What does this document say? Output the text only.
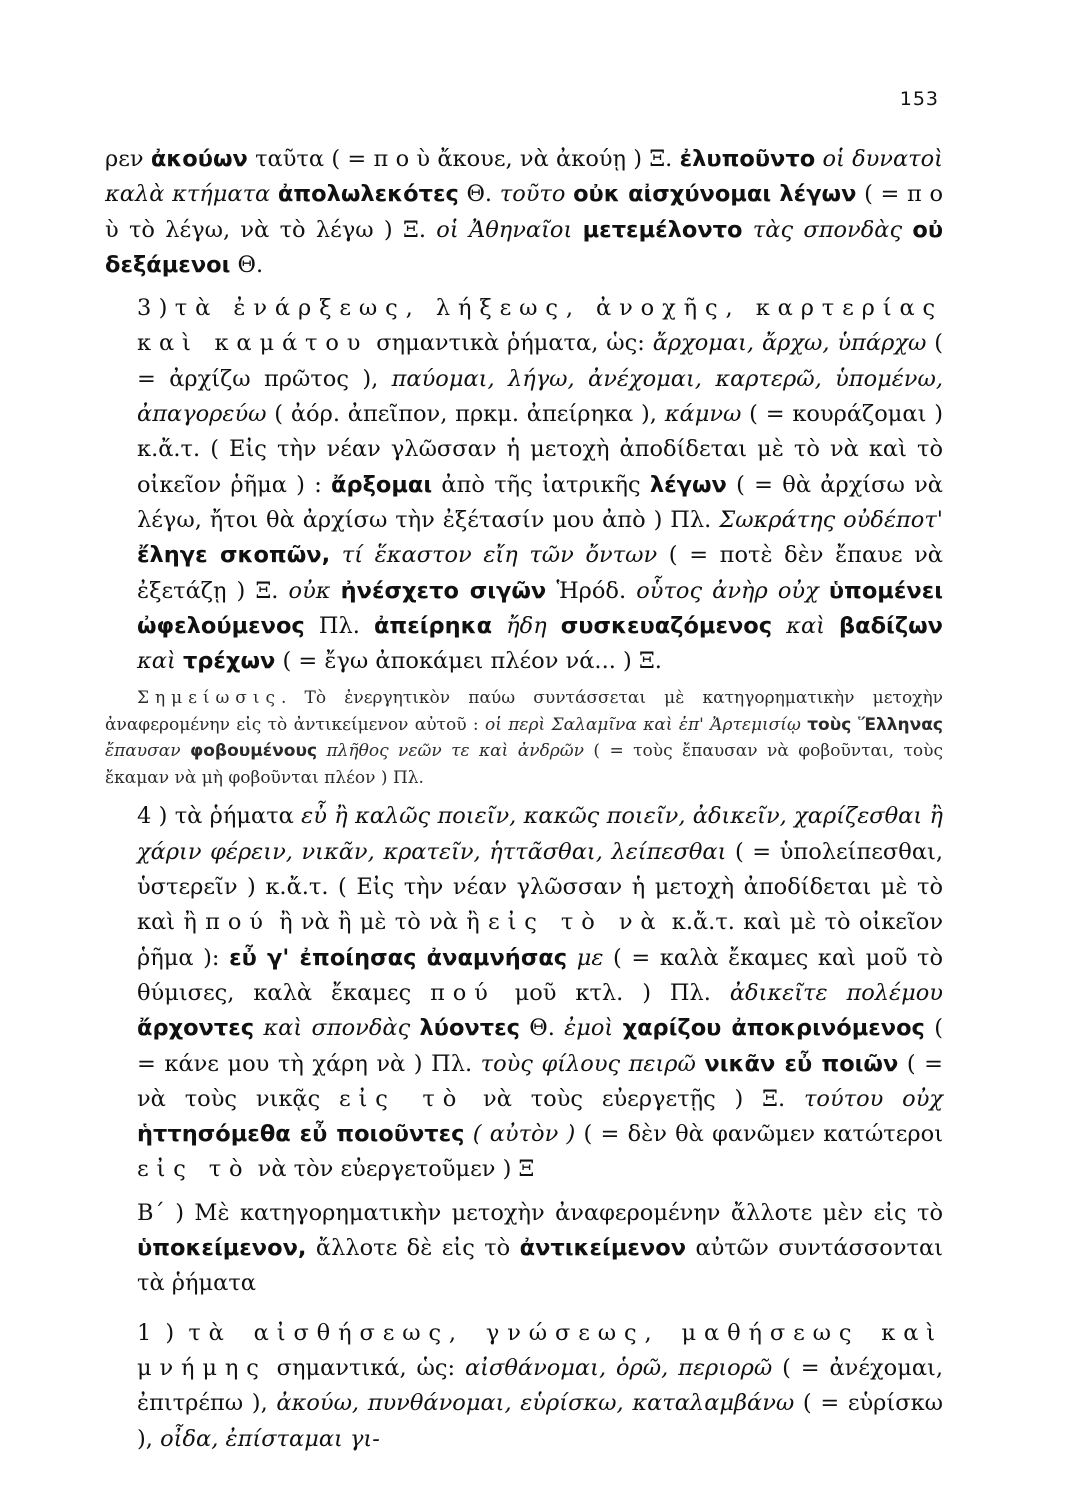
153

ρεν ἀκούων ταῦτα ( = π ο ὺ ἄκουε, νὰ ἀκούῃ ) Ξ. ἐλυποῦντο οἱ δυνατοὶ καλὰ κτήματα ἀπολωλεκότες Θ. τοῦτο οὐκ αἰσχύνομαι λέγων ( = π ο ὺ τὸ λέγω, νὰ τὸ λέγω ) Ξ. οἱ Ἀθηναῖοι μετεμέλοντο τὰς σπονδὰς οὐ δεξάμενοι Θ.

3 ) τὰ ἐνάρξεως, λήξεως, ἀνοχῆς, καρτερίας καὶ καμάτου σημαντικὰ ῥήματα, ὡς: ἄρχομαι, ἄρχω, ὑπάρχω ( = ἀρχίζω πρῶτος ), παύομαι, λήγω, ἀνέχομαι, καρτερῶ, ὑπομένω, ἀπαγορεύω ( ἀόρ. ἀπεῖπον, πρκμ. ἀπείρηκα ), κάμνω ( = κουράζομαι ) κ.ἄ.τ. ( Εἰς τὴν νέαν γλῶσσαν ἡ μετοχὴ ἀποδίδεται μὲ τὸ νὰ καὶ τὸ οἰκεῖον ῥῆμα ) : ἄρξομαι ἀπὸ τῆς ἰατρικῆς λέγων ( = θὰ ἀρχίσω νὰ λέγω, ἤτοι θὰ ἀρχίσω τὴν ἐξέτασίν μου ἀπὸ ) Πλ. Σωκράτης οὐδέποτ' ἔληγε σκοπῶν, τί ἕκαστον εἴη τῶν ὄντων ( = ποτὲ δὲν ἔπαυε νὰ ἐξετάζῃ ) Ξ. οὐκ ἠνέσχετο σιγῶν Ἡρόδ. οὗτος ἀνὴρ οὐχ ὑπομένει ὠφελούμενος Πλ. ἀπείρηκα ἤδη συσκευαζόμενος καὶ βαδίζων καὶ τρέχων ( = ἔγω ἀποκάμει πλέον νά... ) Ξ.

Σημείωσις. Τὸ ἐνεργητικὸν παύω συντάσσεται μὲ κατηγορηματικὴν μετοχὴν ἀναφερομένην εἰς τὸ ἀντικείμενον αὐτοῦ : οἱ περὶ Σαλαμῖνα καὶ ἐπ' Ἀρτεμισίῳ τοὺς Ἕλληνας ἔπαυσαν φοβουμένους πλῆθος νεῶν τε καὶ ἀνδρῶν ( = τοὺς ἔπαυσαν νὰ φοβοῦνται, τοὺς ἔκαμαν νὰ μὴ φοβοῦνται πλέον ) Πλ.

4 ) τὰ ῥήματα εὖ ἢ καλῶς ποιεῖν, κακῶς ποιεῖν, ἀδικεῖν, χαρίζεσθαι ἢ χάριν φέρειν, νικᾶν, κρατεῖν, ἡττᾶσθαι, λείπεσθαι ( = ὑπολείπεσθαι, ὑστερεῖν ) κ.ἄ.τ. ( Εἰς τὴν νέαν γλῶσσαν ἡ μετοχὴ ἀποδίδεται μὲ τὸ καὶ ἢ πού ἢ νὰ ἢ μὲ τὸ νὰ ἢ εἰς τὸ νὰ κ.ἄ.τ. καὶ μὲ τὸ οἰκεῖον ῥῆμα ): εὖ γ' ἐποίησας ἀναμνήσας με ( = καλὰ ἔκαμες καὶ μοῦ τὸ θύμισες, καλὰ ἔκαμες πού μοῦ κτλ. ) Πλ. ἀδικεῖτε πολέμου ἄρχοντες καὶ σπονδὰς λύοντες Θ. ἐμοὶ χαρίζου ἀποκρινόμενος ( = κάνε μου τὴ χάρη νὰ ) Πλ. τοὺς φίλους πειρῶ νικᾶν εὖ ποιῶν ( = νὰ τοὺς νικᾷς εἰς τὸ νὰ τοὺς εὐεργετῇς ) Ξ. τούτου οὐχ ἡττησόμεθα εὖ ποιοῦντες ( αὐτὸν ) ( = δὲν θὰ φανῶμεν κατώτεροι εἰς τὸ νὰ τὸν εὐεργετοῦμεν ) Ξ

Β΄ ) Μὲ κατηγορηματικὴν μετοχὴν ἀναφερομένην ἄλλοτε μὲν εἰς τὸ ὑποκείμενον, ἄλλοτε δὲ εἰς τὸ ἀντικείμενον αὐτῶν συντάσσονται τὰ ῥήματα

1 ) τὰ αἰσθήσεως, γνώσεως, μαθήσεως καὶ μνήμης σημαντικά, ὡς: αἰσθάνομαι, ὁρῶ, περιορῶ ( = ἀνέχομαι, ἐπιτρέπω ), ἀκούω, πυνθάνομαι, εὑρίσκω, καταλαμβάνω ( = εὑρίσκω ), οἶδα, ἐπίσταμαι γι-
